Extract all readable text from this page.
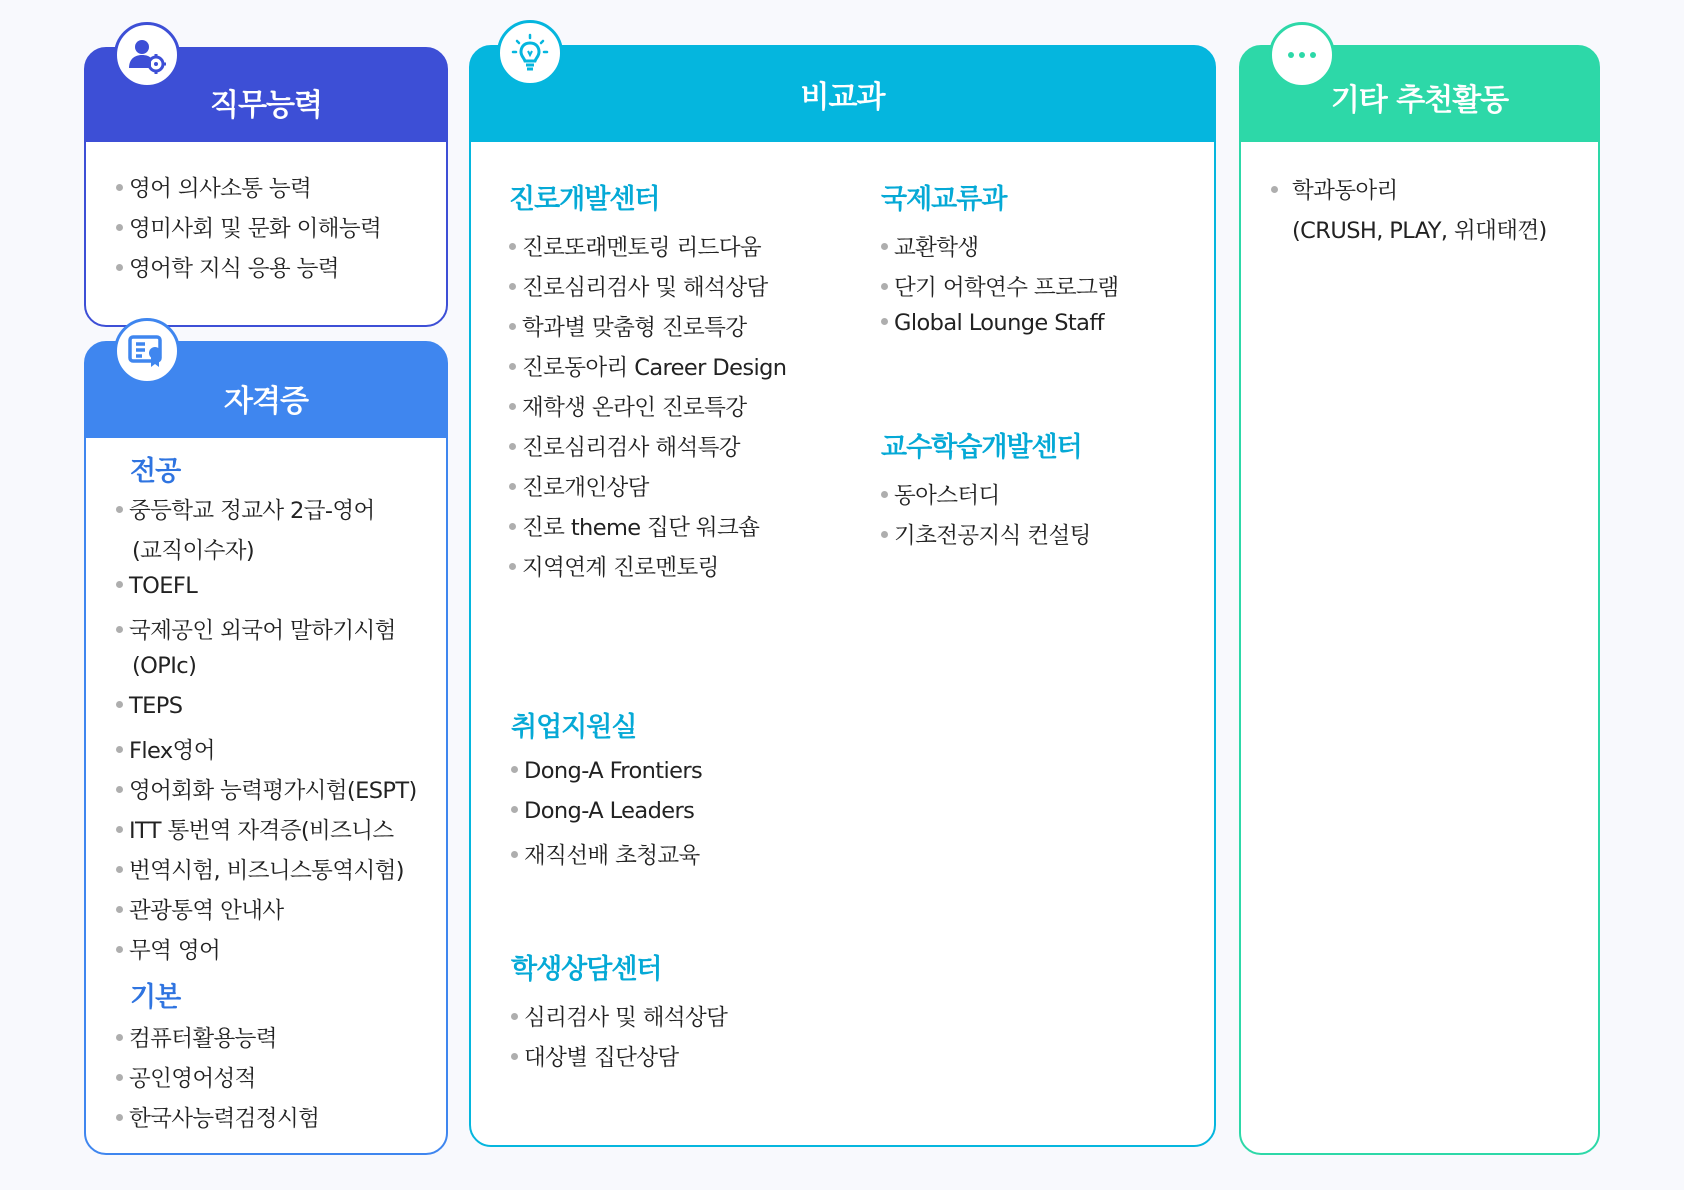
직무능력
영어 의사소통 능력
영미사회 및 문화 이해능력
영어학 지식 응용 능력
자격증
전공
중등학교 정교사 2급-영어
(교직이수자)
TOEFL
국제공인 외국어 말하기시험
(OPIc)
TEPS
Flex영어
영어회화 능력평가시험(ESPT)
ITT 통번역 자격증(비즈니스
번역시험, 비즈니스통역시험)
관광통역 안내사
무역 영어
기본
컴퓨터활용능력
공인영어성적
한국사능력검정시험
비교과
진로개발센터
진로또래멘토링 리드다움
진로심리검사 및 해석상담
학과별 맞춤형 진로특강
진로동아리 Career Design
재학생 온라인 진로특강
진로심리검사 해석특강
진로개인상담
진로 theme 집단 워크숍
지역연계 진로멘토링
국제교류과
교환학생
단기 어학연수 프로그램
Global Lounge Staff
교수학습개발센터
동아스터디
기초전공지식 컨설팅
취업지원실
Dong-A Frontiers
Dong-A Leaders
재직선배 초청교육
학생상담센터
심리검사 및 해석상담
대상별 집단상담
기타 추천활동
학과동아리
(CRUSH, PLAY, 위대태껸)
